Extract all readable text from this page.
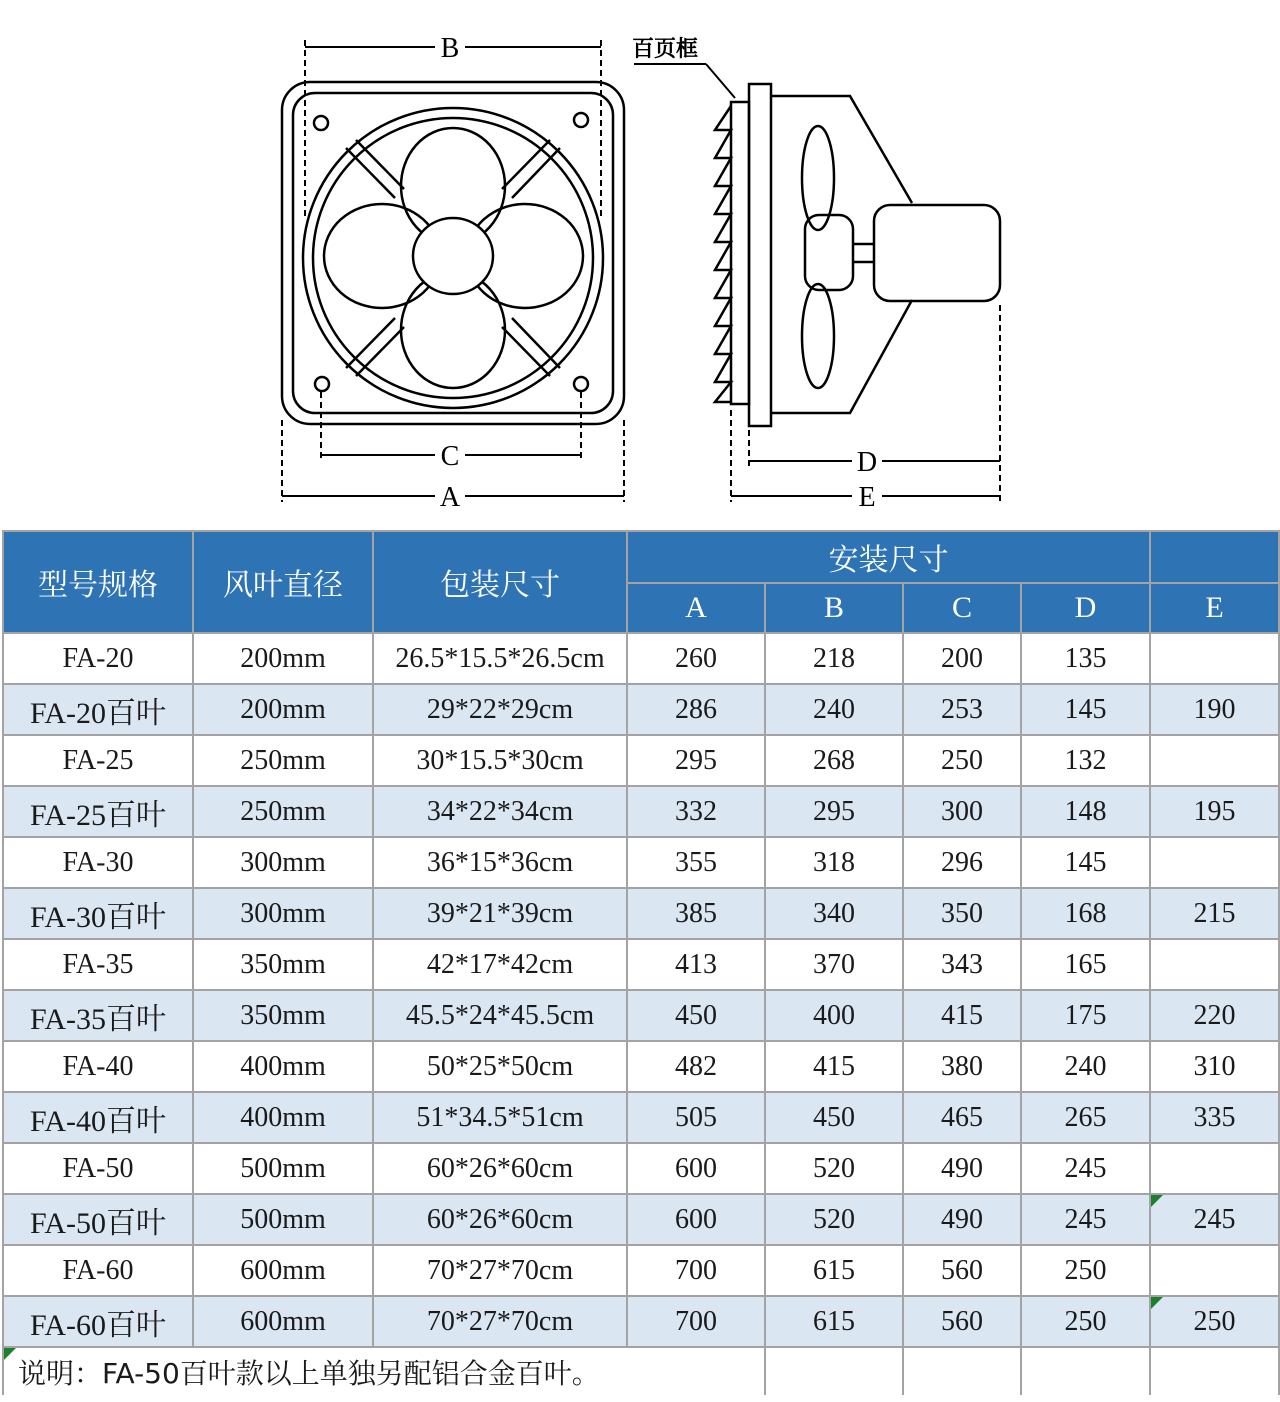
B
C
A
D
E
百页框
型号规格	风叶直径	包装尺寸	安装尺寸				
			A	B	C	D	E
FA-20	200mm	26.5*15.5*26.5cm	260	218	200	135	
FA-20百叶	200mm	29*22*29cm	286	240	253	145	190
FA-25	250mm	30*15.5*30cm	295	268	250	132	
FA-25百叶	250mm	34*22*34cm	332	295	300	148	195
FA-30	300mm	36*15*36cm	355	318	296	145	
FA-30百叶	300mm	39*21*39cm	385	340	350	168	215
FA-35	350mm	42*17*42cm	413	370	343	165	
FA-35百叶	350mm	45.5*24*45.5cm	450	400	415	175	220
FA-40	400mm	50*25*50cm	482	415	380	240	310
FA-40百叶	400mm	51*34.5*51cm	505	450	465	265	335
FA-50	500mm	60*26*60cm	600	520	490	245	
FA-50百叶	500mm	60*26*60cm	600	520	490	245	245
FA-60	600mm	70*27*70cm	700	615	560	250	
FA-60百叶	600mm	70*27*70cm	700	615	560	250	250
说明：FA-50百叶款以上单独另配铝合金百叶。							
